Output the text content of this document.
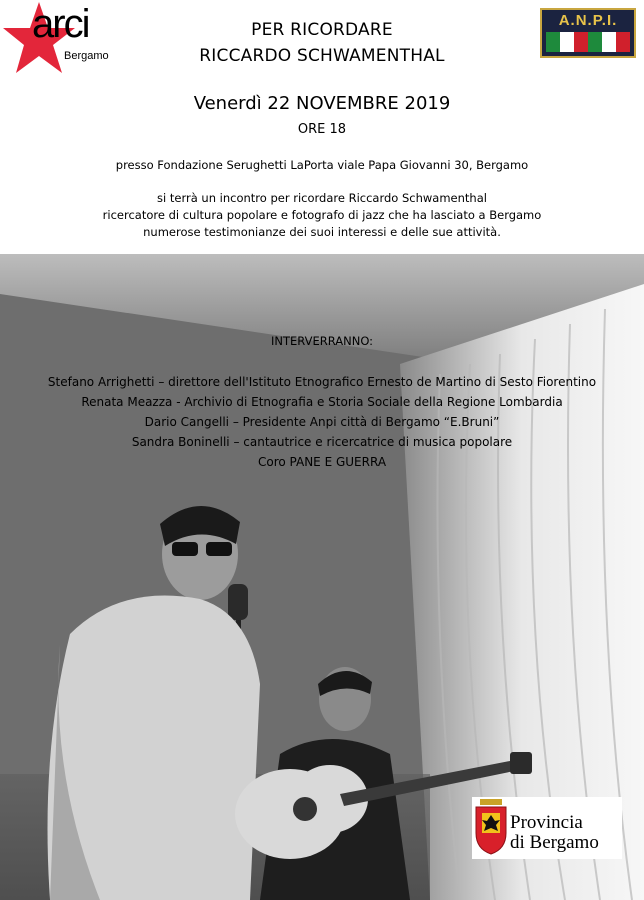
arci
Bergamo
A.N.P.I.
PER RICORDARE
RICCARDO SCHWAMENTHAL
Venerdì 22 NOVEMBRE 2019
ORE 18
presso Fondazione Serughetti LaPorta viale Papa Giovanni 30, Bergamo
si terrà un incontro per ricordare Riccardo Schwamenthal
ricercatore di cultura popolare e fotografo di jazz che ha lasciato a Bergamo
numerose testimonianze dei suoi interessi e delle sue attività.
INTERVERRANNO:
Stefano Arrighetti – direttore dell'Istituto Etnografico Ernesto de Martino di Sesto Fiorentino
Renata Meazza - Archivio di Etnografia e Storia Sociale della Regione Lombardia
Dario Cangelli – Presidente Anpi città di Bergamo “E.Bruni”
Sandra Boninelli – cantautrice e ricercatrice di musica popolare
Coro PANE E GUERRA
Provincia
di Bergamo
